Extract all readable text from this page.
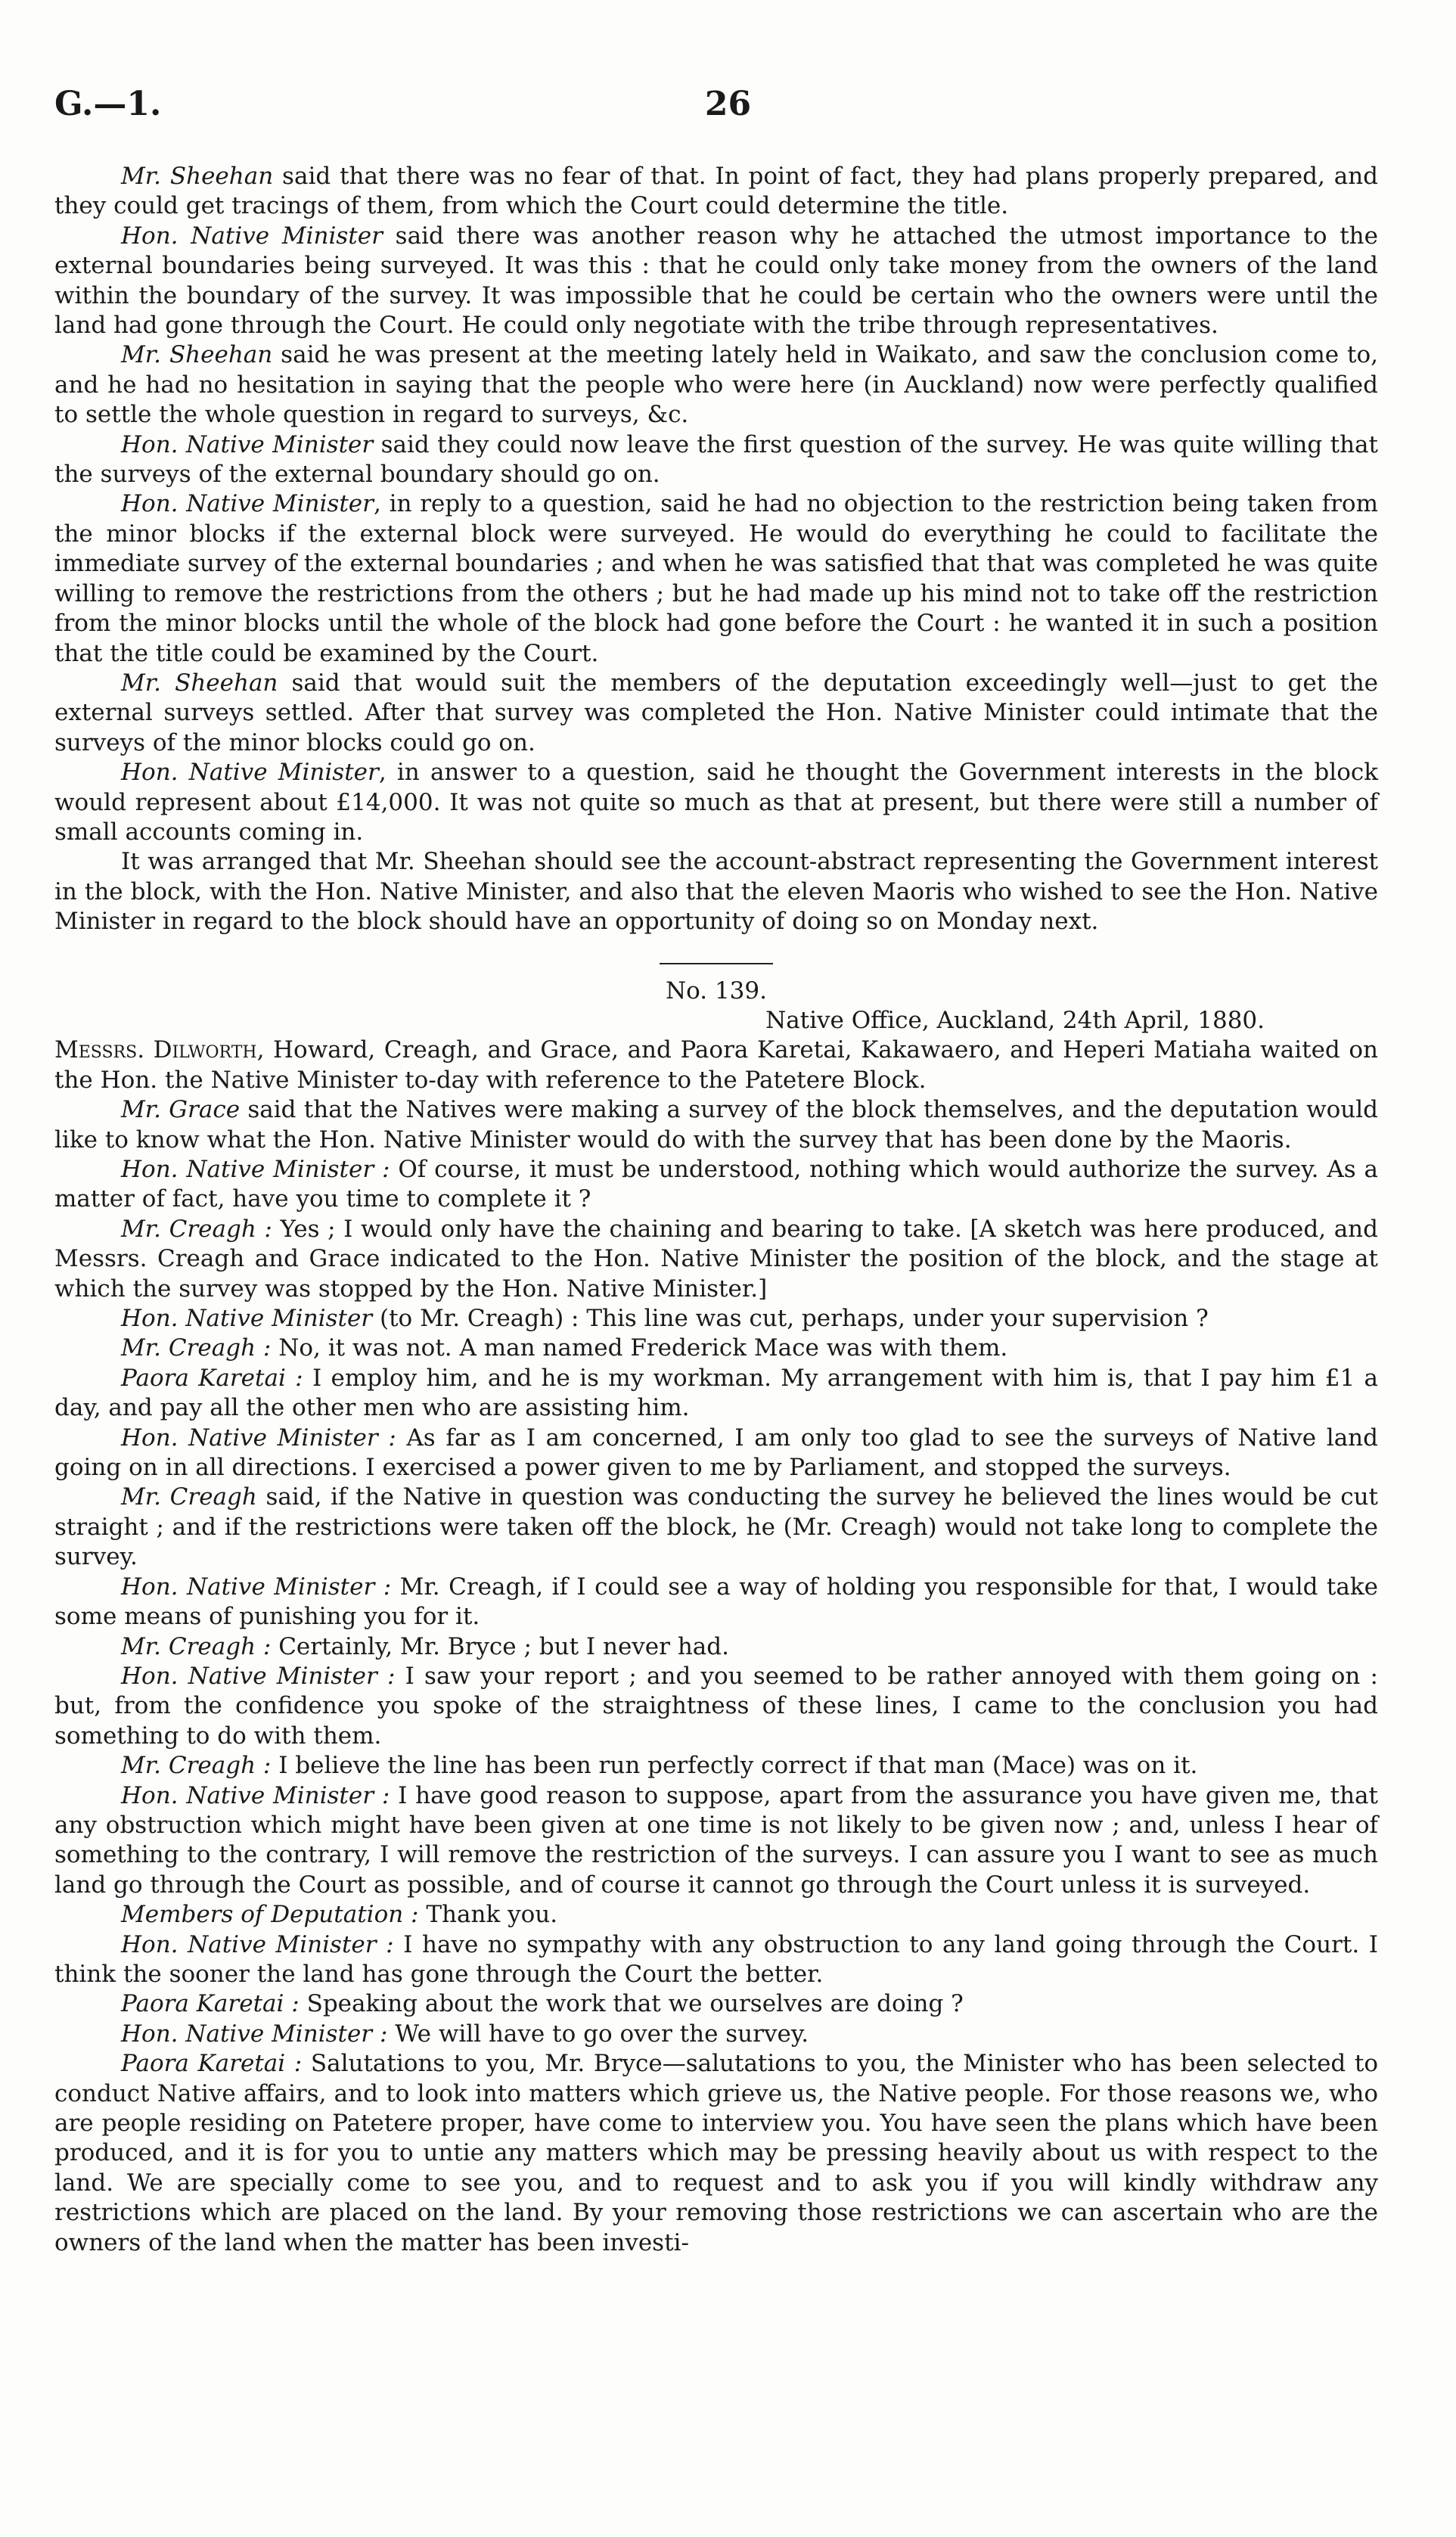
G.—1.	26

Mr. Sheehan said that there was no fear of that. In point of fact, they had plans properly prepared, and they could get tracings of them, from which the Court could determine the title.

Hon. Native Minister said there was another reason why he attached the utmost importance to the external boundaries being surveyed. It was this : that he could only take money from the owners of the land within the boundary of the survey. It was impossible that he could be certain who the owners were until the land had gone through the Court. He could only negotiate with the tribe through representatives.

Mr. Sheehan said he was present at the meeting lately held in Waikato, and saw the conclusion come to, and he had no hesitation in saying that the people who were here (in Auckland) now were perfectly qualified to settle the whole question in regard to surveys, &c.

Hon. Native Minister said they could now leave the first question of the survey. He was quite willing that the surveys of the external boundary should go on.

Hon. Native Minister, in reply to a question, said he had no objection to the restriction being taken from the minor blocks if the external block were surveyed. He would do everything he could to facilitate the immediate survey of the external boundaries ; and when he was satisfied that that was completed he was quite willing to remove the restrictions from the others ; but he had made up his mind not to take off the restriction from the minor blocks until the whole of the block had gone before the Court : he wanted it in such a position that the title could be examined by the Court.

Mr. Sheehan said that would suit the members of the deputation exceedingly well—just to get the external surveys settled. After that survey was completed the Hon. Native Minister could intimate that the surveys of the minor blocks could go on.

Hon. Native Minister, in answer to a question, said he thought the Government interests in the block would represent about £14,000. It was not quite so much as that at present, but there were still a number of small accounts coming in.

It was arranged that Mr. Sheehan should see the account-abstract representing the Government interest in the block, with the Hon. Native Minister, and also that the eleven Maoris who wished to see the Hon. Native Minister in regard to the block should have an opportunity of doing so on Monday next.

No. 139.

Native Office, Auckland, 24th April, 1880.

Messrs. Dilworth, Howard, Creagh, and Grace, and Paora Karetai, Kakawaero, and Heperi Matiaha waited on the Hon. the Native Minister to-day with reference to the Patetere Block.

Mr. Grace said that the Natives were making a survey of the block themselves, and the deputation would like to know what the Hon. Native Minister would do with the survey that has been done by the Maoris.

Hon. Native Minister : Of course, it must be understood, nothing which would authorize the survey. As a matter of fact, have you time to complete it ?

Mr. Creagh : Yes ; I would only have the chaining and bearing to take. [A sketch was here produced, and Messrs. Creagh and Grace indicated to the Hon. Native Minister the position of the block, and the stage at which the survey was stopped by the Hon. Native Minister.]

Hon. Native Minister (to Mr. Creagh) : This line was cut, perhaps, under your supervision ?

Mr. Creagh : No, it was not. A man named Frederick Mace was with them.

Paora Karetai : I employ him, and he is my workman. My arrangement with him is, that I pay him £1 a day, and pay all the other men who are assisting him.

Hon. Native Minister : As far as I am concerned, I am only too glad to see the surveys of Native land going on in all directions. I exercised a power given to me by Parliament, and stopped the surveys.

Mr. Creagh said, if the Native in question was conducting the survey he believed the lines would be cut straight ; and if the restrictions were taken off the block, he (Mr. Creagh) would not take long to complete the survey.

Hon. Native Minister : Mr. Creagh, if I could see a way of holding you responsible for that, I would take some means of punishing you for it.

Mr. Creagh : Certainly, Mr. Bryce ; but I never had.

Hon. Native Minister : I saw your report ; and you seemed to be rather annoyed with them going on : but, from the confidence you spoke of the straightness of these lines, I came to the conclusion you had something to do with them.

Mr. Creagh : I believe the line has been run perfectly correct if that man (Mace) was on it.

Hon. Native Minister : I have good reason to suppose, apart from the assurance you have given me, that any obstruction which might have been given at one time is not likely to be given now ; and, unless I hear of something to the contrary, I will remove the restriction of the surveys. I can assure you I want to see as much land go through the Court as possible, and of course it cannot go through the Court unless it is surveyed.

Members of Deputation : Thank you.

Hon. Native Minister : I have no sympathy with any obstruction to any land going through the Court. I think the sooner the land has gone through the Court the better.

Paora Karetai : Speaking about the work that we ourselves are doing ?

Hon. Native Minister : We will have to go over the survey.

Paora Karetai : Salutations to you, Mr. Bryce—salutations to you, the Minister who has been selected to conduct Native affairs, and to look into matters which grieve us, the Native people. For those reasons we, who are people residing on Patetere proper, have come to interview you. You have seen the plans which have been produced, and it is for you to untie any matters which may be pressing heavily about us with respect to the land. We are specially come to see you, and to request and to ask you if you will kindly withdraw any restrictions which are placed on the land. By your removing those restrictions we can ascertain who are the owners of the land when the matter has been investi-
